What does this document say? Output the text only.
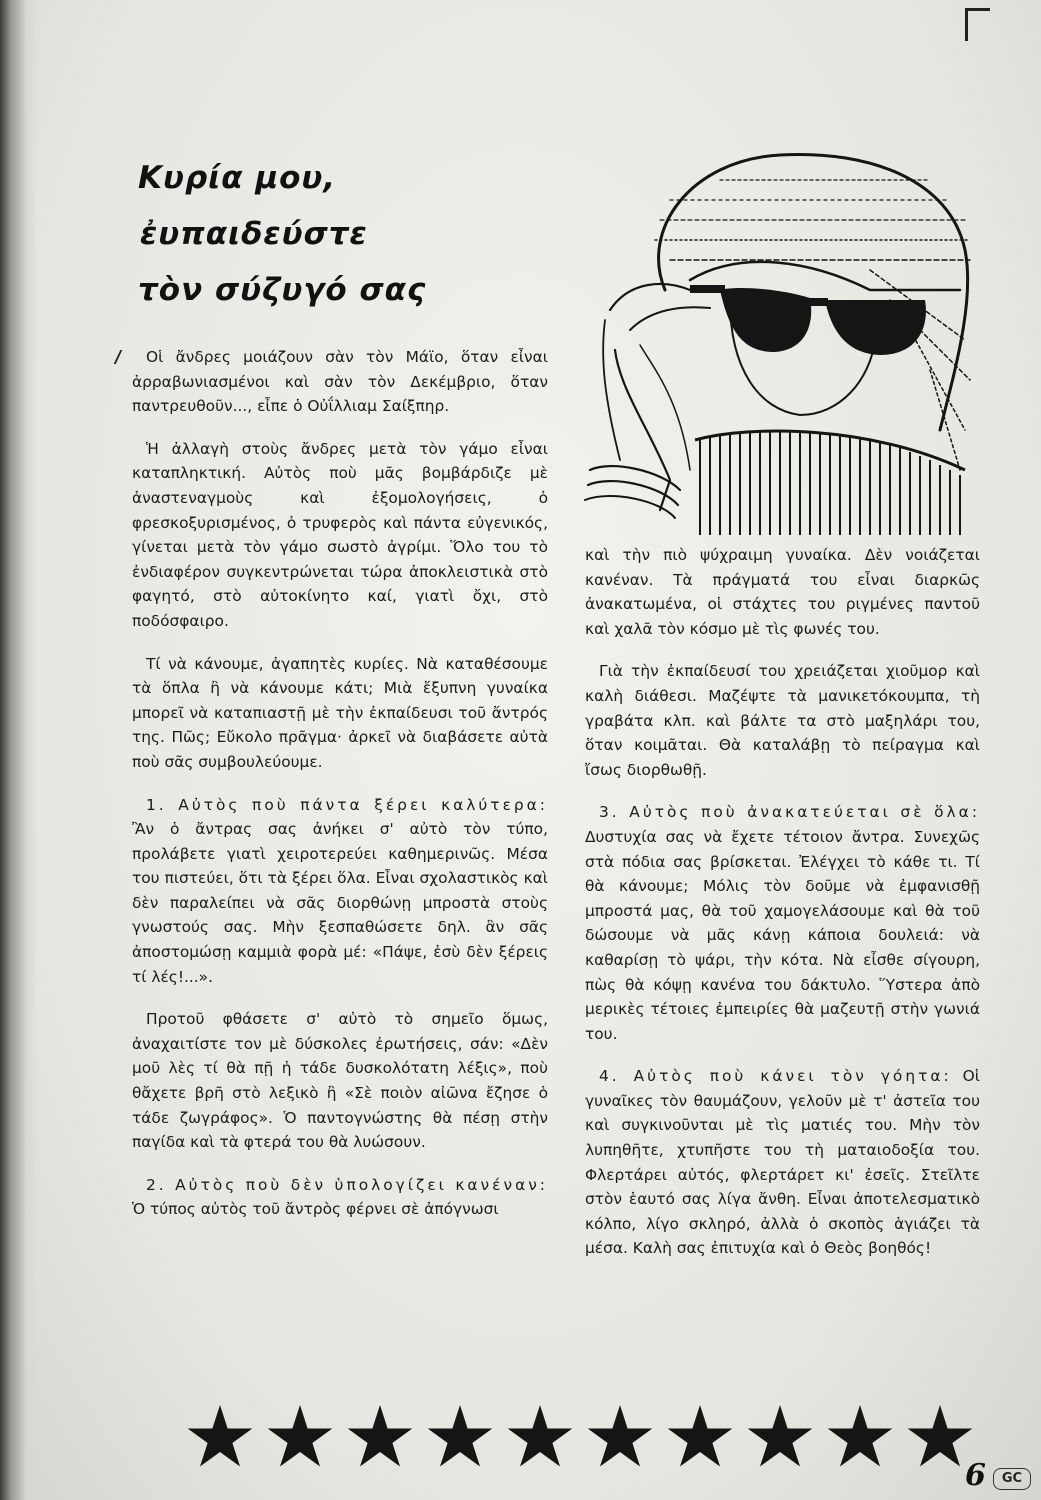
Κυρία μου,
ἐυπαιδεύστε
τὸν σύζυγό σας

Οἱ ἄνδρες μοιάζουν σὰν τὸν Μάϊο, ὅταν εἶναι ἀρραβωνιασμένοι καὶ σὰν τὸν Δεκέμβριο, ὅταν παντρευθοῦν..., εἶπε ὁ Οὐΐλλιαμ Σαίξπηρ.

Ἡ ἀλλαγὴ στοὺς ἄνδρες μετὰ τὸν γάμο εἶναι καταπληκτική. Αὐτὸς ποὺ μᾶς βομβάρδιζε μὲ ἀναστεναγμοὺς καὶ ἐξομολογήσεις, ὁ φρεσκοξυρισμένος, ὁ τρυφερὸς καὶ πάντα εὐγενικός, γίνεται μετὰ τὸν γάμο σωστὸ ἀγρίμι. Ὅλο του τὸ ἐνδιαφέρον συγκεντρώνεται τώρα ἀποκλειστικὰ στὸ φαγητό, στὸ αὐτοκίνητο καί, γιατὶ ὄχι, στὸ ποδόσφαιρο.

Τί νὰ κάνουμε, ἀγαπητὲς κυρίες. Νὰ καταθέσουμε τὰ ὅπλα ἢ νὰ κάνουμε κάτι; Μιὰ ἔξυπνη γυναίκα μπορεῖ νὰ καταπιαστῇ μὲ τὴν ἐκπαίδευσι τοῦ ἄντρός της. Πῶς; Εὔκολο πρᾶγμα· ἀρκεῖ νὰ διαβάσετε αὐτὰ ποὺ σᾶς συμβουλεύουμε.

1. Αὐτὸς ποὺ πάντα ξέρει καλύτερα: Ἂν ὁ ἄντρας σας ἀνήκει σ' αὐτὸ τὸν τύπο, προλάβετε γιατὶ χειροτερεύει καθημερινῶς. Μέσα του πιστεύει, ὅτι τὰ ξέρει ὅλα. Εἶναι σχολαστικὸς καὶ δὲν παραλείπει νὰ σᾶς διορθώνῃ μπροστὰ στοὺς γνωστούς σας. Μὴν ξεσπαθώσετε δηλ. ἂν σᾶς ἀποστομώσῃ καμμιὰ φορὰ μέ: «Πάψε, ἐσὺ δὲν ξέρεις τί λές!...».

Προτοῦ φθάσετε σ' αὐτὸ τὸ σημεῖο ὅμως, ἀναχαιτίστε τον μὲ δύσκολες ἐρωτήσεις, σάν: «Δὲν μοῦ λὲς τί θὰ πῇ ἡ τάδε δυσκολότατη λέξις», ποὺ θἄχετε βρῆ στὸ λεξικὸ ἢ «Σὲ ποιὸν αἰῶνα ἔζησε ὁ τάδε ζωγράφος». Ὁ παντογνώστης θὰ πέσῃ στὴν παγίδα καὶ τὰ φτερά του θὰ λυώσουν.

2. Αὐτὸς ποὺ δὲν ὑπολογίζει κανέναν: Ὁ τύπος αὐτὸς τοῦ ἄντρὸς φέρνει σὲ ἀπόγνωσι

καὶ τὴν πιὸ ψύχραιμη γυναίκα. Δὲν νοιάζεται κανέναν. Τὰ πράγματά του εἶναι διαρκῶς ἀνακατωμένα, οἱ στάχτες του ριγμένες παντοῦ καὶ χαλᾶ τὸν κόσμο μὲ τὶς φωνές του.

Γιὰ τὴν ἐκπαίδευσί του χρειάζεται χιοῦμορ καὶ καλὴ διάθεσι. Μαζέψτε τὰ μανικετόκουμπα, τὴ γραβάτα κλπ. καὶ βάλτε τα στὸ μαξηλάρι του, ὅταν κοιμᾶται. Θὰ καταλάβῃ τὸ πείραγμα καὶ ἴσως διορθωθῇ.

3. Αὐτὸς ποὺ ἀνακατεύεται σὲ ὅλα: Δυστυχία σας νὰ ἔχετε τέτοιον ἄντρα. Συνεχῶς στὰ πόδια σας βρίσκεται. Ἐλέγχει τὸ κάθε τι. Τί θὰ κάνουμε; Μόλις τὸν δοῦμε νὰ ἐμφανισθῇ μπροστά μας, θὰ τοῦ χαμογελάσουμε καὶ θὰ τοῦ δώσουμε νὰ μᾶς κάνῃ κάποια δουλειά: νὰ καθαρίσῃ τὸ ψάρι, τὴν κότα. Νὰ εἶσθε σίγουρη, πὼς θὰ κόψῃ κανένα του δάκτυλο. Ὕστερα ἀπὸ μερικὲς τέτοιες ἐμπειρίες θὰ μαζευτῇ στὴν γωνιά του.

4. Αὐτὸς ποὺ κάνει τὸν γόητα: Οἱ γυναῖκες τὸν θαυμάζουν, γελοῦν μὲ τ' ἀστεῖα του καὶ συγκινοῦνται μὲ τὶς ματιές του. Μὴν τὸν λυπηθῆτε, χτυπῆστε του τὴ ματαιοδοξία του. Φλερτάρει αὐτός, φλερτάρετ κι' ἐσεῖς. Στεῖλτε στὸν ἑαυτό σας λίγα ἄνθη. Εἶναι ἀποτελεσματικὸ κόλπο, λίγο σκληρό, ἀλλὰ ὁ σκοπὸς ἁγιάζει τὰ μέσα. Καλὴ σας ἐπιτυχία καὶ ὁ Θεὸς βοηθός!

6	GC
